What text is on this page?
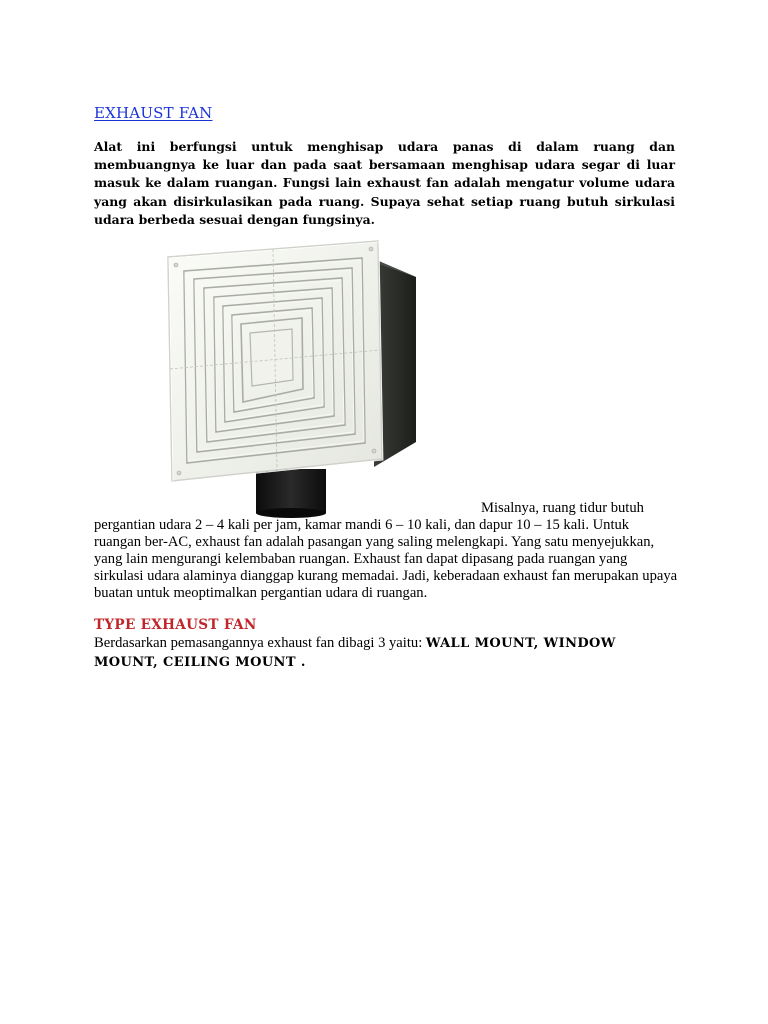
EXHAUST FAN

Alat ini berfungsi untuk menghisap udara panas di dalam ruang dan membuangnya ke luar dan pada saat bersamaan menghisap udara segar di luar masuk ke dalam ruangan. Fungsi lain exhaust fan adalah mengatur volume udara yang akan disirkulasikan pada ruang. Supaya sehat setiap ruang butuh sirkulasi udara berbeda sesuai dengan fungsinya.

Misalnya, ruang tidur butuh
pergantian udara 2 – 4 kali per jam, kamar mandi 6 – 10 kali, dan dapur 10 – 15 kali. Untuk ruangan ber-AC, exhaust fan adalah pasangan yang saling melengkapi. Yang satu menyejukkan, yang lain mengurangi kelembaban ruangan. Exhaust fan dapat dipasang pada ruangan yang sirkulasi udara alaminya dianggap kurang memadai. Jadi, keberadaan exhaust fan merupakan upaya buatan untuk meoptimalkan pergantian udara di ruangan.

TYPE EXHAUST FAN

Berdasarkan pemasangannya exhaust fan dibagi 3 yaitu: WALL MOUNT, WINDOW MOUNT, CEILING MOUNT .
